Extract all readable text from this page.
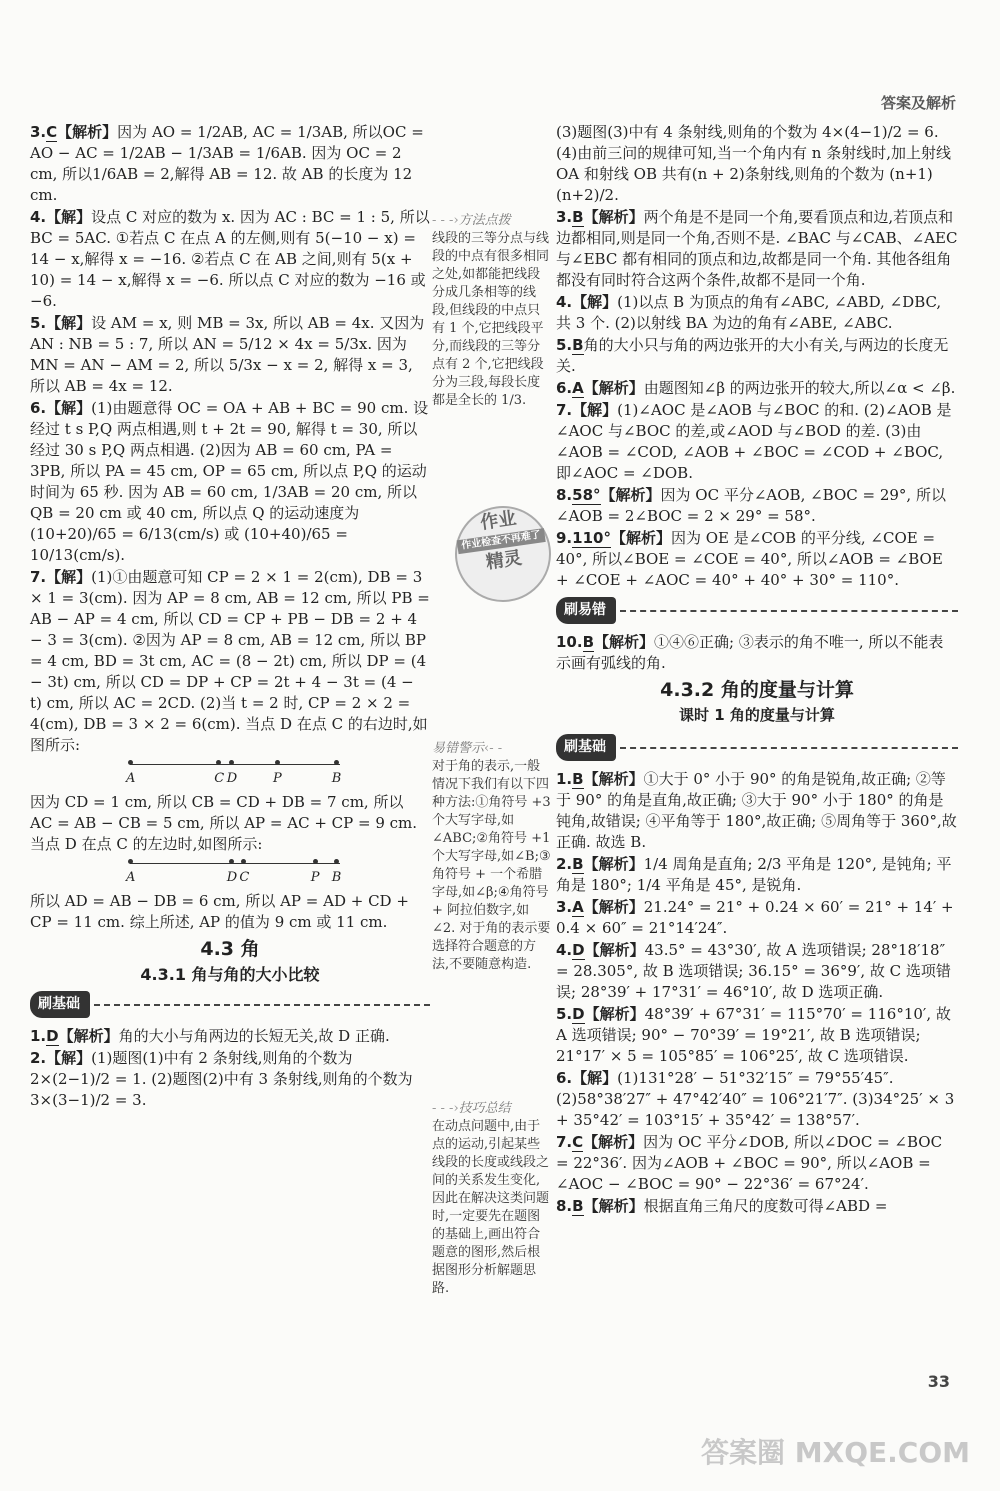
答案及解析

3.C【解析】因为 AO = 1/2AB, AC = 1/3AB, 所以OC = AO − AC = 1/2AB − 1/3AB = 1/6AB. 因为 OC = 2 cm, 所以1/6AB = 2,解得 AB = 12. 故 AB 的长度为 12 cm.

4.【解】设点 C 对应的数为 x. 因为 AC : BC = 1 : 5, 所以 BC = 5AC. ①若点 C 在点 A 的左侧,则有 5(−10 − x) = 14 − x,解得 x = −16. ②若点 C 在 AB 之间,则有 5(x + 10) = 14 − x,解得 x = −6. 所以点 C 对应的数为 −16 或 −6.

5.【解】设 AM = x, 则 MB = 3x, 所以 AB = 4x. 又因为 AN : NB = 5 : 7, 所以 AN = 5/12 × 4x = 5/3x. 因为 MN = AN − AM = 2, 所以 5/3x − x = 2, 解得 x = 3, 所以 AB = 4x = 12.

6.【解】(1)由题意得 OC = OA + AB + BC = 90 cm. 设经过 t s P,Q 两点相遇,则 t + 2t = 90, 解得 t = 30, 所以经过 30 s P,Q 两点相遇. (2)因为 AB = 60 cm, PA = 3PB, 所以 PA = 45 cm, OP = 65 cm, 所以点 P,Q 的运动时间为 65 秒. 因为 AB = 60 cm, 1/3AB = 20 cm, 所以 QB = 20 cm 或 40 cm, 所以点 Q 的运动速度为 (10+20)/65 = 6/13(cm/s) 或 (10+40)/65 = 10/13(cm/s).

7.【解】(1)①由题意可知 CP = 2 × 1 = 2(cm), DB = 3 × 1 = 3(cm). 因为 AP = 8 cm, AB = 12 cm, 所以 PB = AB − AP = 4 cm, 所以 CD = CP + PB − DB = 2 + 4 − 3 = 3(cm). ②因为 AP = 8 cm, AB = 12 cm, 所以 BP = 4 cm, BD = 3t cm, AC = (8 − 2t) cm, 所以 DP = (4 − 3t) cm, 所以 CD = DP + CP = 2t + 4 − 3t = (4 − t) cm, 所以 AC = 2CD. (2)当 t = 2 时, CP = 2 × 2 = 4(cm), DB = 3 × 2 = 6(cm). 当点 D 在点 C 的右边时,如图所示:

A	C D	P	B

因为 CD = 1 cm, 所以 CB = CD + DB = 7 cm, 所以 AC = AB − CB = 5 cm, 所以 AP = AC + CP = 9 cm. 当点 D 在点 C 的左边时,如图所示:

A	D C	P B

所以 AD = AB − DB = 6 cm, 所以 AP = AD + CD + CP = 11 cm. 综上所述, AP 的值为 9 cm 或 11 cm.

4.3 角
4.3.1 角与角的大小比较
刷基础

1.D【解析】角的大小与角两边的长短无关,故 D 正确.

2.【解】(1)题图(1)中有 2 条射线,则角的个数为 2×(2−1)/2 = 1. (2)题图(2)中有 3 条射线,则角的个数为 3×(3−1)/2 = 3.

(3)题图(3)中有 4 条射线,则角的个数为 4×(4−1)/2 = 6. (4)由前三问的规律可知,当一个角内有 n 条射线时,加上射线 OA 和射线 OB 共有(n + 2)条射线,则角的个数为 (n+1)(n+2)/2.

3.B【解析】两个角是不是同一个角,要看顶点和边,若顶点和边都相同,则是同一个角,否则不是. ∠BAC 与∠CAB、∠AEC 与∠EBC 都有相同的顶点和边,故都是同一个角. 其他各组角都没有同时符合这两个条件,故都不是同一个角.

4.【解】(1)以点 B 为顶点的角有∠ABC, ∠ABD, ∠DBC, 共 3 个. (2)以射线 BA 为边的角有∠ABE, ∠ABC.

5.B角的大小只与角的两边张开的大小有关,与两边的长度无关.

6.A【解析】由题图知∠β 的两边张开的较大,所以∠α < ∠β.

7.【解】(1)∠AOC 是∠AOB 与∠BOC 的和. (2)∠AOB 是∠AOC 与∠BOC 的差,或∠AOD 与∠BOD 的差. (3)由∠AOB = ∠COD, ∠AOB + ∠BOC = ∠COD + ∠BOC, 即∠AOC = ∠DOB.

8.58°【解析】因为 OC 平分∠AOB, ∠BOC = 29°, 所以∠AOB = 2∠BOC = 2 × 29° = 58°.

9.110°【解析】因为 OE 是∠COB 的平分线, ∠COE = 40°, 所以∠BOE = ∠COE = 40°, 所以∠AOB = ∠BOE + ∠COE + ∠AOC = 40° + 40° + 30° = 110°.

刷易错

10.B【解析】①④⑥正确; ③表示的角不唯一, 所以不能表示画有弧线的角.

4.3.2 角的度量与计算
课时 1 角的度量与计算
刷基础

1.B【解析】①大于 0° 小于 90° 的角是锐角,故正确; ②等于 90° 的角是直角,故正确; ③大于 90° 小于 180° 的角是钝角,故错误; ④平角等于 180°,故正确; ⑤周角等于 360°,故正确. 故选 B.

2.B【解析】1/4 周角是直角; 2/3 平角是 120°, 是钝角; 平角是 180°; 1/4 平角是 45°, 是锐角.

3.A【解析】21.24° = 21° + 0.24 × 60′ = 21° + 14′ + 0.4 × 60″ = 21°14′24″.

4.D【解析】43.5° = 43°30′, 故 A 选项错误; 28°18′18″ = 28.305°, 故 B 选项错误; 36.15° = 36°9′, 故 C 选项错误; 28°39′ + 17°31′ = 46°10′, 故 D 选项正确.

5.D【解析】48°39′ + 67°31′ = 115°70′ = 116°10′, 故 A 选项错误; 90° − 70°39′ = 19°21′, 故 B 选项错误; 21°17′ × 5 = 105°85′ = 106°25′, 故 C 选项错误.

6.【解】(1)131°28′ − 51°32′15″ = 79°55′45″. (2)58°38′27″ + 47°42′40″ = 106°21′7″. (3)34°25′ × 3 + 35°42′ = 103°15′ + 35°42′ = 138°57′.

7.C【解析】因为 OC 平分∠DOB, 所以∠DOC = ∠BOC = 22°36′. 因为∠AOB + ∠BOC = 90°, 所以∠AOB = ∠AOC − ∠BOC = 90° − 22°36′ = 67°24′.

8.B【解析】根据直角三角尺的度数可得∠ABD =

- - -›方法点拨
线段的三等分点与线段的中点有很多相同之处,如都能把线段分成几条相等的线段,但线段的中点只有 1 个,它把线段平分,而线段的三等分点有 2 个,它把线段分为三段,每段长度都是全长的 1/3.
作业
作业检查不再难了
精灵
易错警示‹- -
对于角的表示,一般情况下我们有以下四种方法:①角符号 +3 个大写字母,如∠ABC;②角符号 +1 个大写字母,如∠B;③角符号 + 一个希腊字母,如∠β;④角符号 + 阿拉伯数字,如∠2. 对于角的表示要选择符合题意的方法,不要随意构造.
- - -›技巧总结
在动点问题中,由于点的运动,引起某些线段的长度或线段之间的关系发生变化,因此在解决这类问题时,一定要先在题图的基础上,画出符合题意的图形,然后根据图形分析解题思路.
33
答案圈 MXQE.COM
